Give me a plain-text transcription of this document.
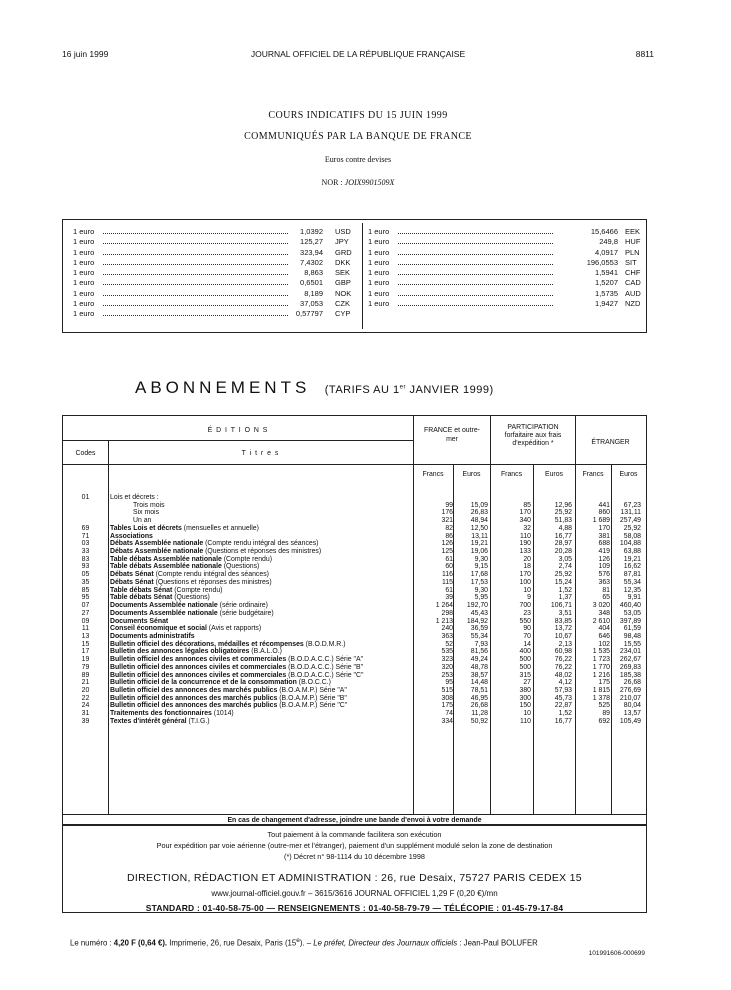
16 juin 1999	JOURNAL OFFICIEL DE LA RÉPUBLIQUE FRANÇAISE	8811
COURS INDICATIFS DU 15 JUIN 1999
COMMUNIQUÉS PAR LA BANQUE DE FRANCE
Euros contre devises
NOR : JOIX9901509X
1 euro	1,0392 USD
1 euro	125,27 JPY
1 euro	323,94 GRD
1 euro	7,4302 DKK
1 euro	8,863 SEK
1 euro	0,6501 GBP
1 euro	8,189 NOK
1 euro	37,053 CZK
1 euro	0,57797 CYP
1 euro	15,6466 EEK
1 euro	249,8 HUF
1 euro	4,0917 PLN
1 euro	196,0553 SIT
1 euro	1,5941 CHF
1 euro	1,5207 CAD
1 euro	1,5735 AUD
1 euro	1,9427 NZD
ABONNEMENTS (TARIFS AU 1er JANVIER 1999)
É D I T I O N S
Codes	T i t r e s
FRANCE et outre-mer
PARTICIPATION forfaitaire aux frais d'expédition *	ÉTRANGER
Francs	Euros	Francs	Euros	Francs	Euros
01	Lois et décrets :
Trois mois	99	15,09	85	12,96	441	67,23
Six mois	176	26,83	170	25,92	860	131,11
Un an	321	48,94	340	51,83	1 689	257,49
69	Tables Lois et décrets (mensuelles et annuelle)	82	12,50	32	4,88	170	25,92
71	Associations	86	13,11	110	16,77	381	58,08
03	Débats Assemblée nationale (Compte rendu intégral des séances)	126	19,21	190	28,97	688	104,88
33	Débats Assemblée nationale (Questions et réponses des ministres)	125	19,06	133	20,28	419	63,88
83	Table débats Assemblée nationale (Compte rendu)	61	9,30	20	3,05	126	19,21
93	Table débats Assemblée nationale (Questions)	60	9,15	18	2,74	109	16,62
05	Débats Sénat (Compte rendu intégral des séances)	116	17,68	170	25,92	576	87,81
35	Débats Sénat (Questions et réponses des ministres)	115	17,53	100	15,24	363	55,34
85	Table débats Sénat (Compte rendu)	61	9,30	10	1,52	81	12,35
95	Table débats Sénat (Questions)	39	5,95	9	1,37	65	9,91
07	Documents Assemblée nationale (série ordinaire)	1 264	192,70	700	106,71	3 020	460,40
27	Documents Assemblée nationale (série budgétaire)	298	45,43	23	3,51	348	53,05
09	Documents Sénat	1 213	184,92	550	83,85	2 610	397,89
11	Conseil économique et social (Avis et rapports)	240	36,59	90	13,72	404	61,59
13	Documents administratifs	363	55,34	70	10,67	646	98,48
15	Bulletin officiel des décorations, médailles et récompenses (B.O.D.M.R.)	52	7,93	14	2,13	102	15,55
17	Bulletin des annonces légales obligatoires (B.A.L.O.)	535	81,56	400	60,98	1 535	234,01
19	Bulletin officiel des annonces civiles et commerciales (B.O.D.A.C.C.) Série "A"	323	49,24	500	76,22	1 723	262,67
79	Bulletin officiel des annonces civiles et commerciales (B.O.D.A.C.C.) Série "B"	320	48,78	500	76,22	1 770	269,83
89	Bulletin officiel des annonces civiles et commerciales (B.O.D.A.C.C.) Série "C"	253	38,57	315	48,02	1 216	185,38
21	Bulletin officiel de la concurrence et de la consommation (B.O.C.C.)	95	14,48	27	4,12	175	26,68
20	Bulletin officiel des annonces des marchés publics (B.O.A.M.P.) Série "A"	515	78,51	380	57,93	1 815	276,69
22	Bulletin officiel des annonces des marchés publics (B.O.A.M.P.) Série "B"	308	46,95	300	45,73	1 378	210,07
24	Bulletin officiel des annonces des marchés publics (B.O.A.M.P.) Série "C"	175	26,68	150	22,87	525	80,04
31	Traitements des fonctionnaires (1014)	74	11,28	10	1,52	89	13,57
39	Textes d'intérêt général (T.I.G.)	334	50,92	110	16,77	692	105,49
En cas de changement d'adresse, joindre une bande d'envoi à votre demande
DIRECTION, RÉDACTION ET ADMINISTRATION : 26, rue Desaix, 75727 PARIS CEDEX 15
www.journal-officiel.gouv.fr – 3615/3616 JOURNAL OFFICIEL 1,29 F (0,20 €)/mn
STANDARD : 01-40-58-75-00 — RENSEIGNEMENTS : 01-40-58-79-79 — TÉLÉCOPIE : 01-45-79-17-84
Tout paiement à la commande facilitera son exécution
Pour expédition par voie aérienne (outre-mer et l'étranger), paiement d'un supplément modulé selon la zone de destination
(*) Décret n° 98-1114 du 10 décembre 1998
Le numéro : 4,20 F (0,64 €). Imprimerie, 26, rue Desaix, Paris (15e). – Le préfet, Directeur des Journaux officiels : Jean-Paul BOLUFER
101991606-000699
